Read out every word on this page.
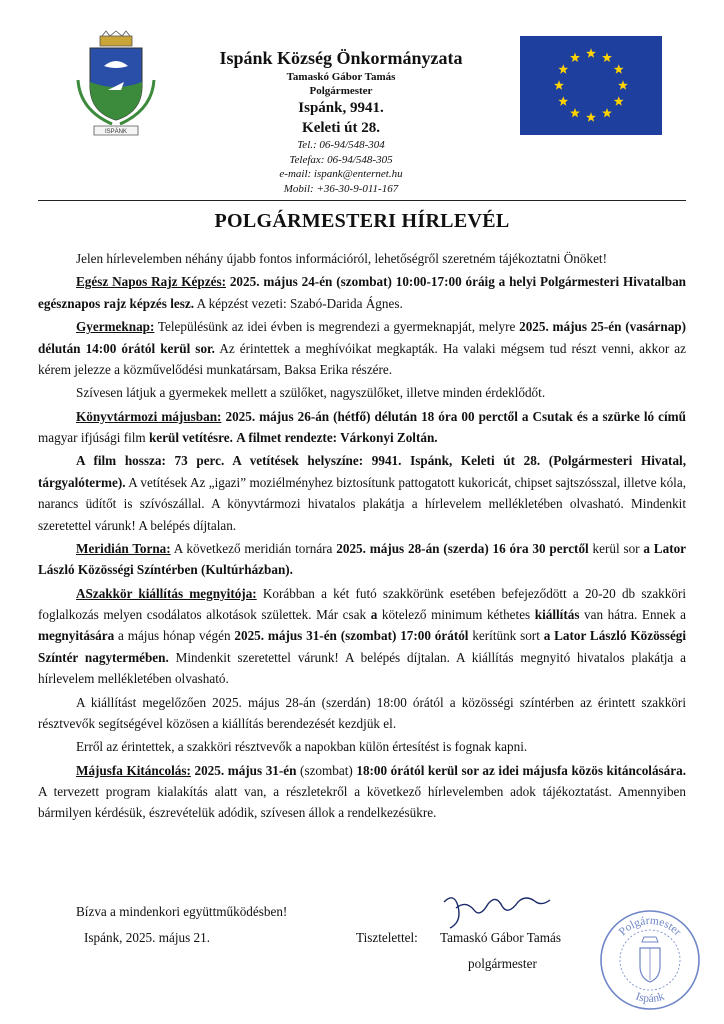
ISPÁNK
Ispánk Község Önkormányzata
Tamaskó Gábor Tamás
Polgármester
Ispánk, 9941.
Keleti út 28.
Tel.: 06-94/548-304
Telefax: 06-94/548-305
e-mail: ispank@enternet.hu
Mobil: +36-30-9-011-167
POLGÁRMESTERI HÍRLEVÉL

Jelen hírlevelemben néhány újabb fontos információról, lehetőségről szeretném tájékoztatni Önöket!

Egész Napos Rajz Képzés: 2025. május 24-én (szombat) 10:00-17:00 óráig a helyi Polgármesteri Hivatalban egésznapos rajz képzés lesz. A képzést vezeti: Szabó-Darida Ágnes.

Gyermeknap: Településünk az idei évben is megrendezi a gyermeknapját, melyre 2025. május 25-én (vasárnap) délután 14:00 órától kerül sor. Az érintettek a meghívóikat megkapták. Ha valaki mégsem tud részt venni, akkor az kérem jelezze a közművelődési munkatársam, Baksa Erika részére.

Szívesen látjuk a gyermekek mellett a szülőket, nagyszülőket, illetve minden érdeklődőt.

Könyvtármozi májusban: 2025. május 26-án (hétfő) délután 18 óra 00 perctől a Csutak és a szürke ló című magyar ifjúsági film kerül vetítésre. A filmet rendezte: Várkonyi Zoltán.

A film hossza: 73 perc. A vetítések helyszíne: 9941. Ispánk, Keleti út 28. (Polgármesteri Hivatal, tárgyalóterme). A vetítések Az „igazi” moziélményhez biztosítunk pattogatott kukoricát, chipset sajtszósszal, illetve kóla, narancs üdítőt is szívószállal. A könyvtármozi hivatalos plakátja a hírlevelem mellékletében olvasható. Mindenkit szeretettel várunk! A belépés díjtalan.

Meridián Torna: A következő meridián tornára 2025. május 28-án (szerda) 16 óra 30 perctől kerül sor a Lator László Közösségi Színtérben (Kultúrházban).

ASzakkör kiállítás megnyitója: Korábban a két futó szakkörünk esetében befejeződött a 20-20 db szakköri foglalkozás melyen csodálatos alkotások születtek. Már csak a kötelező minimum kéthetes kiállítás van hátra. Ennek a megnyitására a május hónap végén 2025. május 31-én (szombat) 17:00 órától kerítünk sort a Lator László Közösségi Színtér nagytermében. Mindenkit szeretettel várunk! A belépés díjtalan. A kiállítás megnyitó hivatalos plakátja a hírlevelem mellékletében olvasható.

A kiállítást megelőzően 2025. május 28-án (szerdán) 18:00 órától a közösségi színtérben az érintett szakköri résztvevők segítségével közösen a kiállítás berendezését kezdjük el.

Erről az érintettek, a szakköri résztvevők a napokban külön értesítést is fognak kapni.

Májusfa Kitáncolás: 2025. május 31-én (szombat) 18:00 órától kerül sor az idei májusfa közös kitáncolására. A tervezett program kialakítás alatt van, a részletekről a következő hírlevelemben adok tájékoztatást. Amennyiben bármilyen kérdésük, észrevételük adódik, szívesen állok a rendelkezésükre.

Bízva a mindenkori együttműködésben!
Ispánk, 2025. május 21.	Tisztelettel: Tamaskó Gábor Tamás
polgármester
Polgármester
Ispánk
